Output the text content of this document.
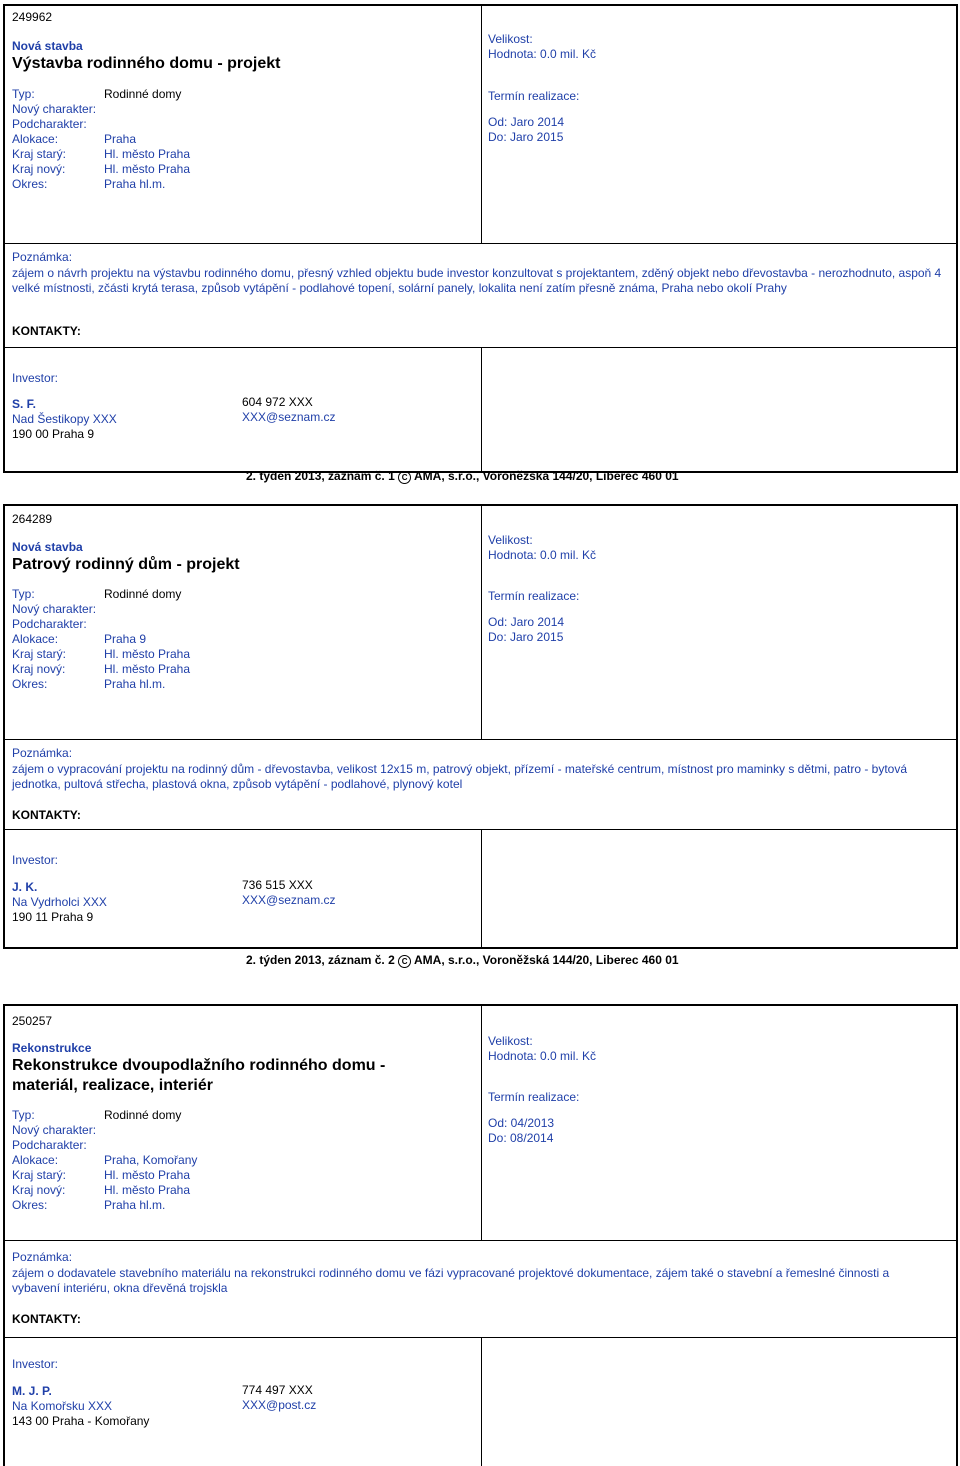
249962
Nová stavba
Výstavba rodinného domu - projekt
Typ:	Rodinné domy
Nový charakter:
Podcharakter:
Alokace:	Praha
Kraj starý:	Hl. město Praha
Kraj nový:	Hl. město Praha
Okres:	Praha hl.m.
Velikost:
Hodnota: 0.0 mil. Kč
Termín realizace:
Od: Jaro 2014
Do: Jaro 2015
Poznámka:
zájem o návrh projektu na výstavbu rodinného domu, přesný vzhled objektu bude investor konzultovat s projektantem, zděný objekt nebo dřevostavba - nerozhodnuto, aspoň 4 velké místnosti, zčásti krytá terasa, způsob vytápění - podlahové topení, solární panely, lokalita není zatím přesně známa, Praha nebo okolí Prahy
KONTAKTY:
Investor:
S. F.
Nad Šestikopy XXX
190 00 Praha 9
604 972 XXX
XXX@seznam.cz
2. týden 2013, záznam č. 1 C AMA, s.r.o., Voroněžská 144/20, Liberec 460 01
264289
Nová stavba
Patrový rodinný dům - projekt
Typ:	Rodinné domy
Nový charakter:
Podcharakter:
Alokace:	Praha 9
Kraj starý:	Hl. město Praha
Kraj nový:	Hl. město Praha
Okres:	Praha hl.m.
Velikost:
Hodnota: 0.0 mil. Kč
Termín realizace:
Od: Jaro 2014
Do: Jaro 2015
Poznámka:
zájem o vypracování projektu na rodinný dům - dřevostavba, velikost 12x15 m, patrový objekt, přízemí - mateřské centrum, místnost pro maminky s dětmi, patro - bytová jednotka, pultová střecha, plastová okna, způsob vytápění - podlahové, plynový kotel
KONTAKTY:
Investor:
J. K.
Na Vydrholci XXX
190 11 Praha 9
736 515 XXX
XXX@seznam.cz
2. týden 2013, záznam č. 2 C AMA, s.r.o., Voroněžská 144/20, Liberec 460 01
250257
Rekonstrukce
Rekonstrukce dvoupodlažního rodinného domu - materiál, realizace, interiér
Typ:	Rodinné domy
Nový charakter:
Podcharakter:
Alokace:	Praha, Komořany
Kraj starý:	Hl. město Praha
Kraj nový:	Hl. město Praha
Okres:	Praha hl.m.
Velikost:
Hodnota: 0.0 mil. Kč
Termín realizace:
Od: 04/2013
Do: 08/2014
Poznámka:
zájem o dodavatele stavebního materiálu na rekonstrukci rodinného domu ve fázi vypracované projektové dokumentace, zájem také o stavební a řemeslné činnosti a vybavení interiéru, okna dřevěná trojskla
KONTAKTY:
Investor:
M. J. P.
Na Komořsku XXX
143 00 Praha - Komořany
774 497 XXX
XXX@post.cz
